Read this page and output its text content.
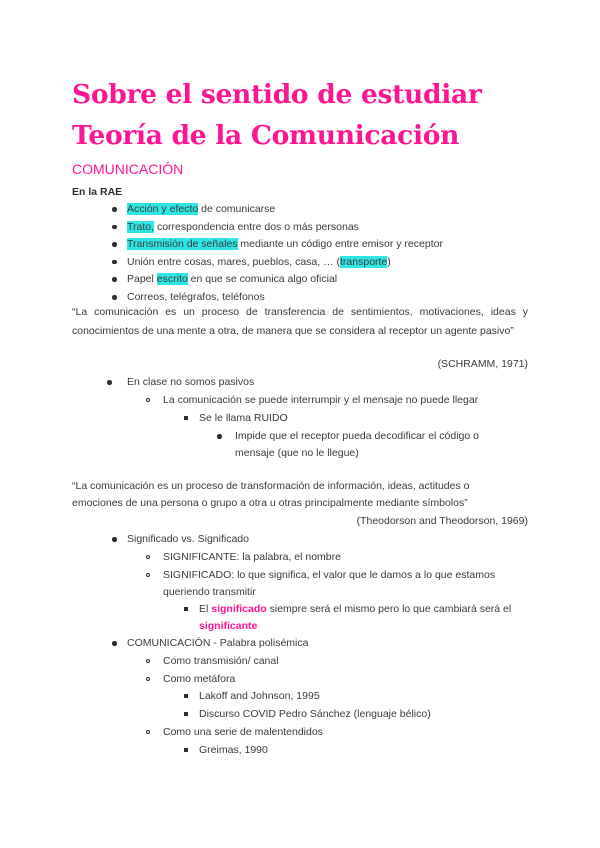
Sobre el sentido de estudiar Teoría de la Comunicación
COMUNICACIÓN
En la RAE
Acción y efecto de comunicarse
Trato, correspondencia entre dos o más personas
Transmisión de señales mediante un código entre emisor y receptor
Unión entre cosas, mares, pueblos, casa, … (transporte)
Papel escrito en que se comunica algo oficial
Correos, telégrafos, teléfonos
“La comunicación es un proceso de transferencia de sentimientos, motivaciones, ideas y conocimientos de una mente a otra, de manera que se considera al receptor un agente pasivo”
(SCHRAMM, 1971)
En clase no somos pasivos
La comunicación se puede interrumpir y el mensaje no puede llegar
Se le llama RUIDO
Impide que el receptor pueda decodificar el código o
mensaje (que no le llegue)
“La comunicación es un proceso de transformación de información, ideas, actitudes o
emociones de una persona o grupo a otra u otras principalmente mediante símbolos”
(Theodorson and Theodorson, 1969)
Significado vs. Significado
SIGNIFICANTE: la palabra, el nombre
SIGNIFICADO: lo que significa, el valor que le damos a lo que estamos
queriendo transmitir
El significado siempre será el mismo pero lo que cambiará será el
significante
COMUNICACIÓN - Palabra polisémica
Como transmisión/ canal
Como metáfora
Lakoff and Johnson, 1995
Discurso COVID Pedro Sánchez (lenguaje bélico)
Como una serie de malentendidos
Greimas, 1990
